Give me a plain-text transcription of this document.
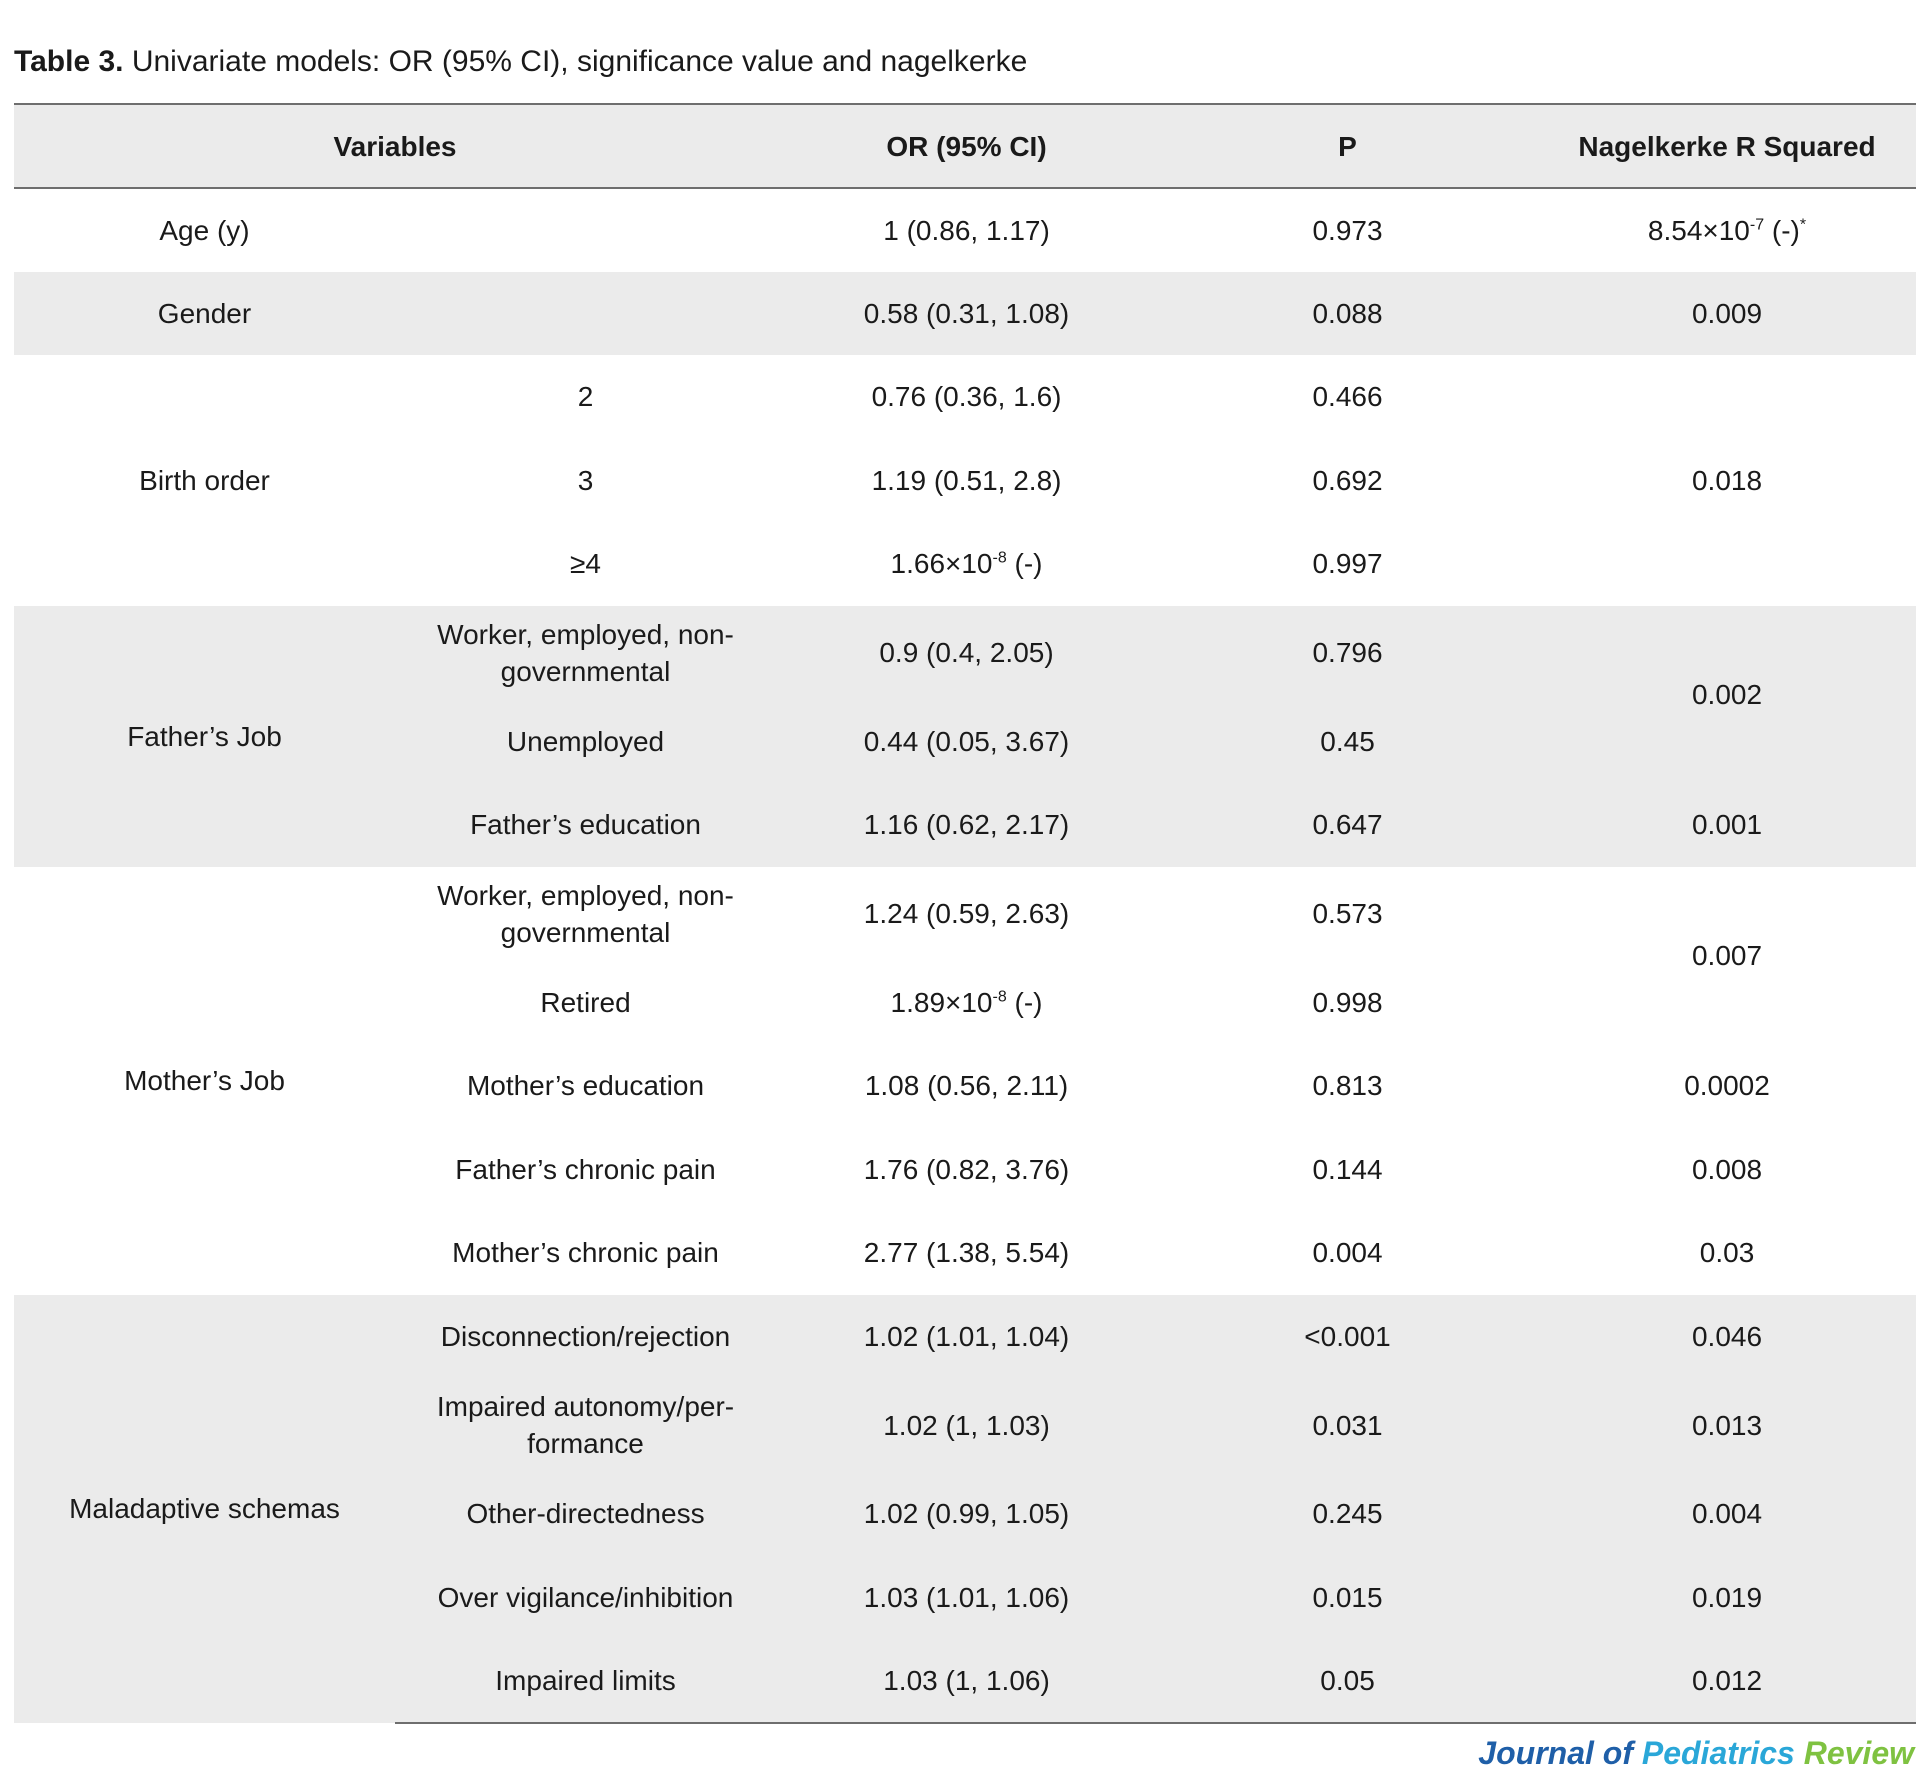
Table 3. Univariate models: OR (95% CI), significance value and nagelkerke
Variables		OR (95% CI)	P	Nagelkerke R Squared
Age (y)		1 (0.86, 1.17)	0.973	$8.54\times 10^{-7}$ (-)*
Gender		0.58 (0.31, 1.08)	0.088	0.009
Birth order	2	0.76 (0.36, 1.6)	0.466	0.018
	3	1.19 (0.51, 2.8)	0.692	
	≥4	$1.66\times 10^{-8}$ (-)	0.997	
Father’s Job	Worker, employed, non-governmental	0.9 (0.4, 2.05)	0.796	0.002
	Unemployed	0.44 (0.05, 3.67)	0.45	
	Father’s education	1.16 (0.62, 2.17)	0.647	0.001
Mother’s Job	Worker, employed, non-governmental	1.24 (0.59, 2.63)	0.573	0.007
	Retired	$1.89\times 10^{-8}$ (-)	0.998	
	Mother’s education	1.08 (0.56, 2.11)	0.813	0.0002
	Father’s chronic pain	1.76 (0.82, 3.76)	0.144	0.008
	Mother’s chronic pain	2.77 (1.38, 5.54)	0.004	0.03
Maladaptive schemas	Disconnection/rejection	1.02 (1.01, 1.04)	<0.001	0.046
	Impaired autonomy/per-formance	1.02 (1, 1.03)	0.031	0.013
	Other-directedness	1.02 (0.99, 1.05)	0.245	0.004
	Over vigilance/inhibition	1.03 (1.01, 1.06)	0.015	0.019
	Impaired limits	1.03 (1, 1.06)	0.05	0.012
Journal of Pediatrics Review
